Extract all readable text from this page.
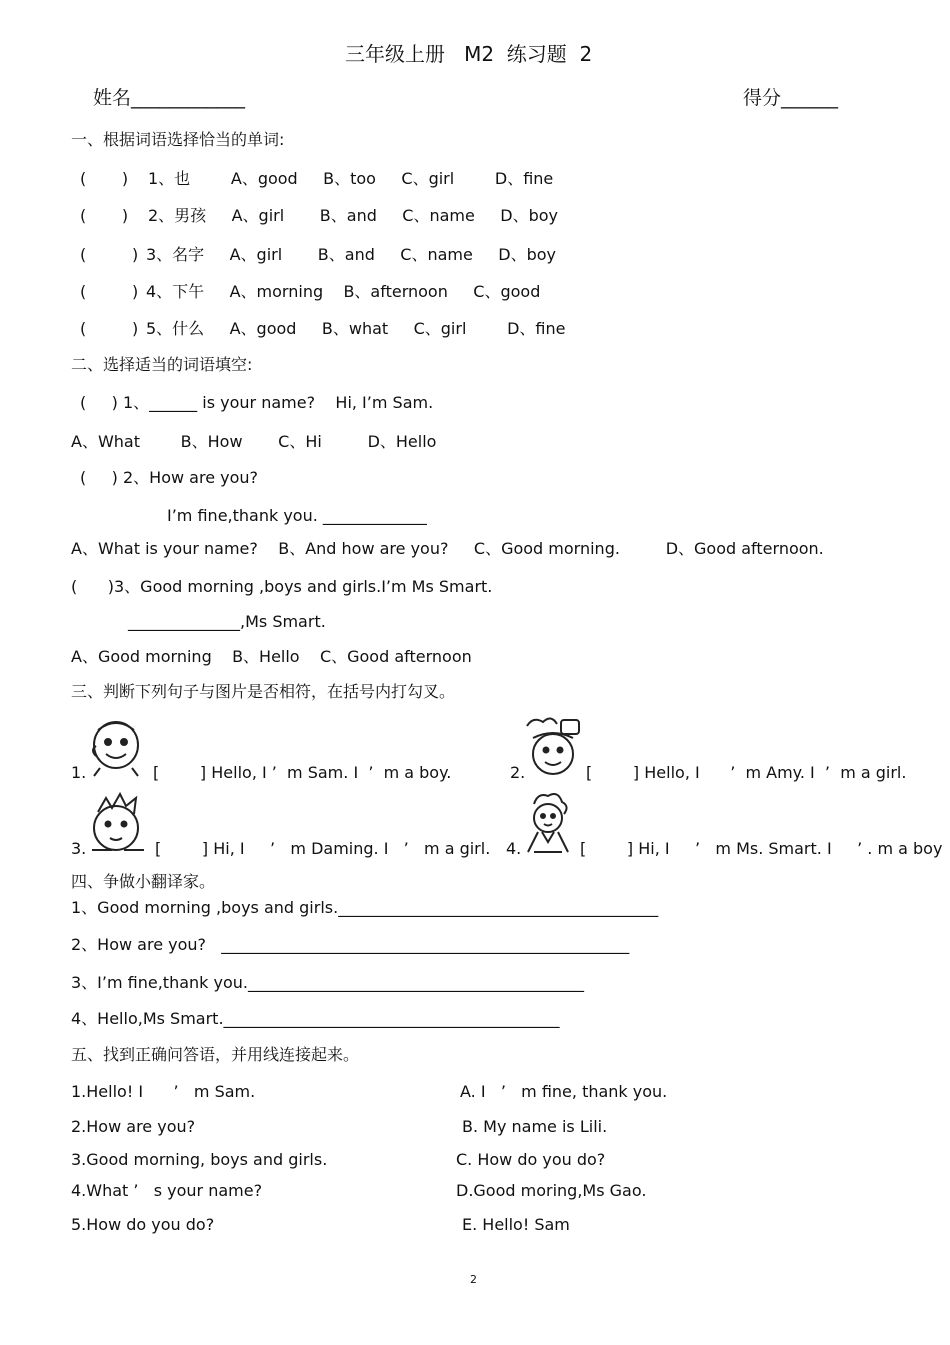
三年级上册   M2  练习题  2
姓名____________	得分______
一、根据词语选择恰当的单词:
(       ) 1、也        A、good     B、too     C、girl        D、fine
(       ) 2、男孩     A、girl       B、and     C、name     D、boy
(         ) 3、名字     A、girl       B、and     C、name     D、boy
(         ) 4、下午     A、morning    B、afternoon     C、good
(         ) 5、什么     A、good     B、what     C、girl        D、fine
二、选择适当的词语填空:
(     ) 1、______ is your name?    Hi, I’m Sam.
A、What        B、How       C、Hi         D、Hello
(     ) 2、How are you?
I’m fine,thank you. _____________
A、What is your name?    B、And how are you?     C、Good morning.         D、Good afternoon.
(      )3、Good morning ,boys and girls.I’m Ms Smart.
______________,Ms Smart.
A、Good morning    B、Hello    C、Good afternoon
三、判断下列句子与图片是否相符，在括号内打勾叉。
1.	[        ] Hello, I ’  m Sam. I  ’  m a boy.	2.	[        ] Hello, I      ’  m Amy. I  ’  m a girl.
3.	[        ] Hi, I     ’   m Daming. I   ’   m a girl. 4.	[        ] Hi, I     ’   m Ms. Smart. I     ’ . m a boy
四、争做小翻译家。
1、Good morning ,boys and girls.________________________________________
2、How are you?   ___________________________________________________
3、I’m fine,thank you.__________________________________________
4、Hello,Ms Smart.__________________________________________
五、找到正确问答语，并用线连接起来。
1.Hello! I      ’   m Sam.
2.How are you?
3.Good morning, boys and girls.
4.What ’   s your name?
5.How do you do?
A. I   ’   m fine, thank you.
B. My name is Lili.
C. How do you do?
D.Good moring,Ms Gao.
E. Hello! Sam
2
